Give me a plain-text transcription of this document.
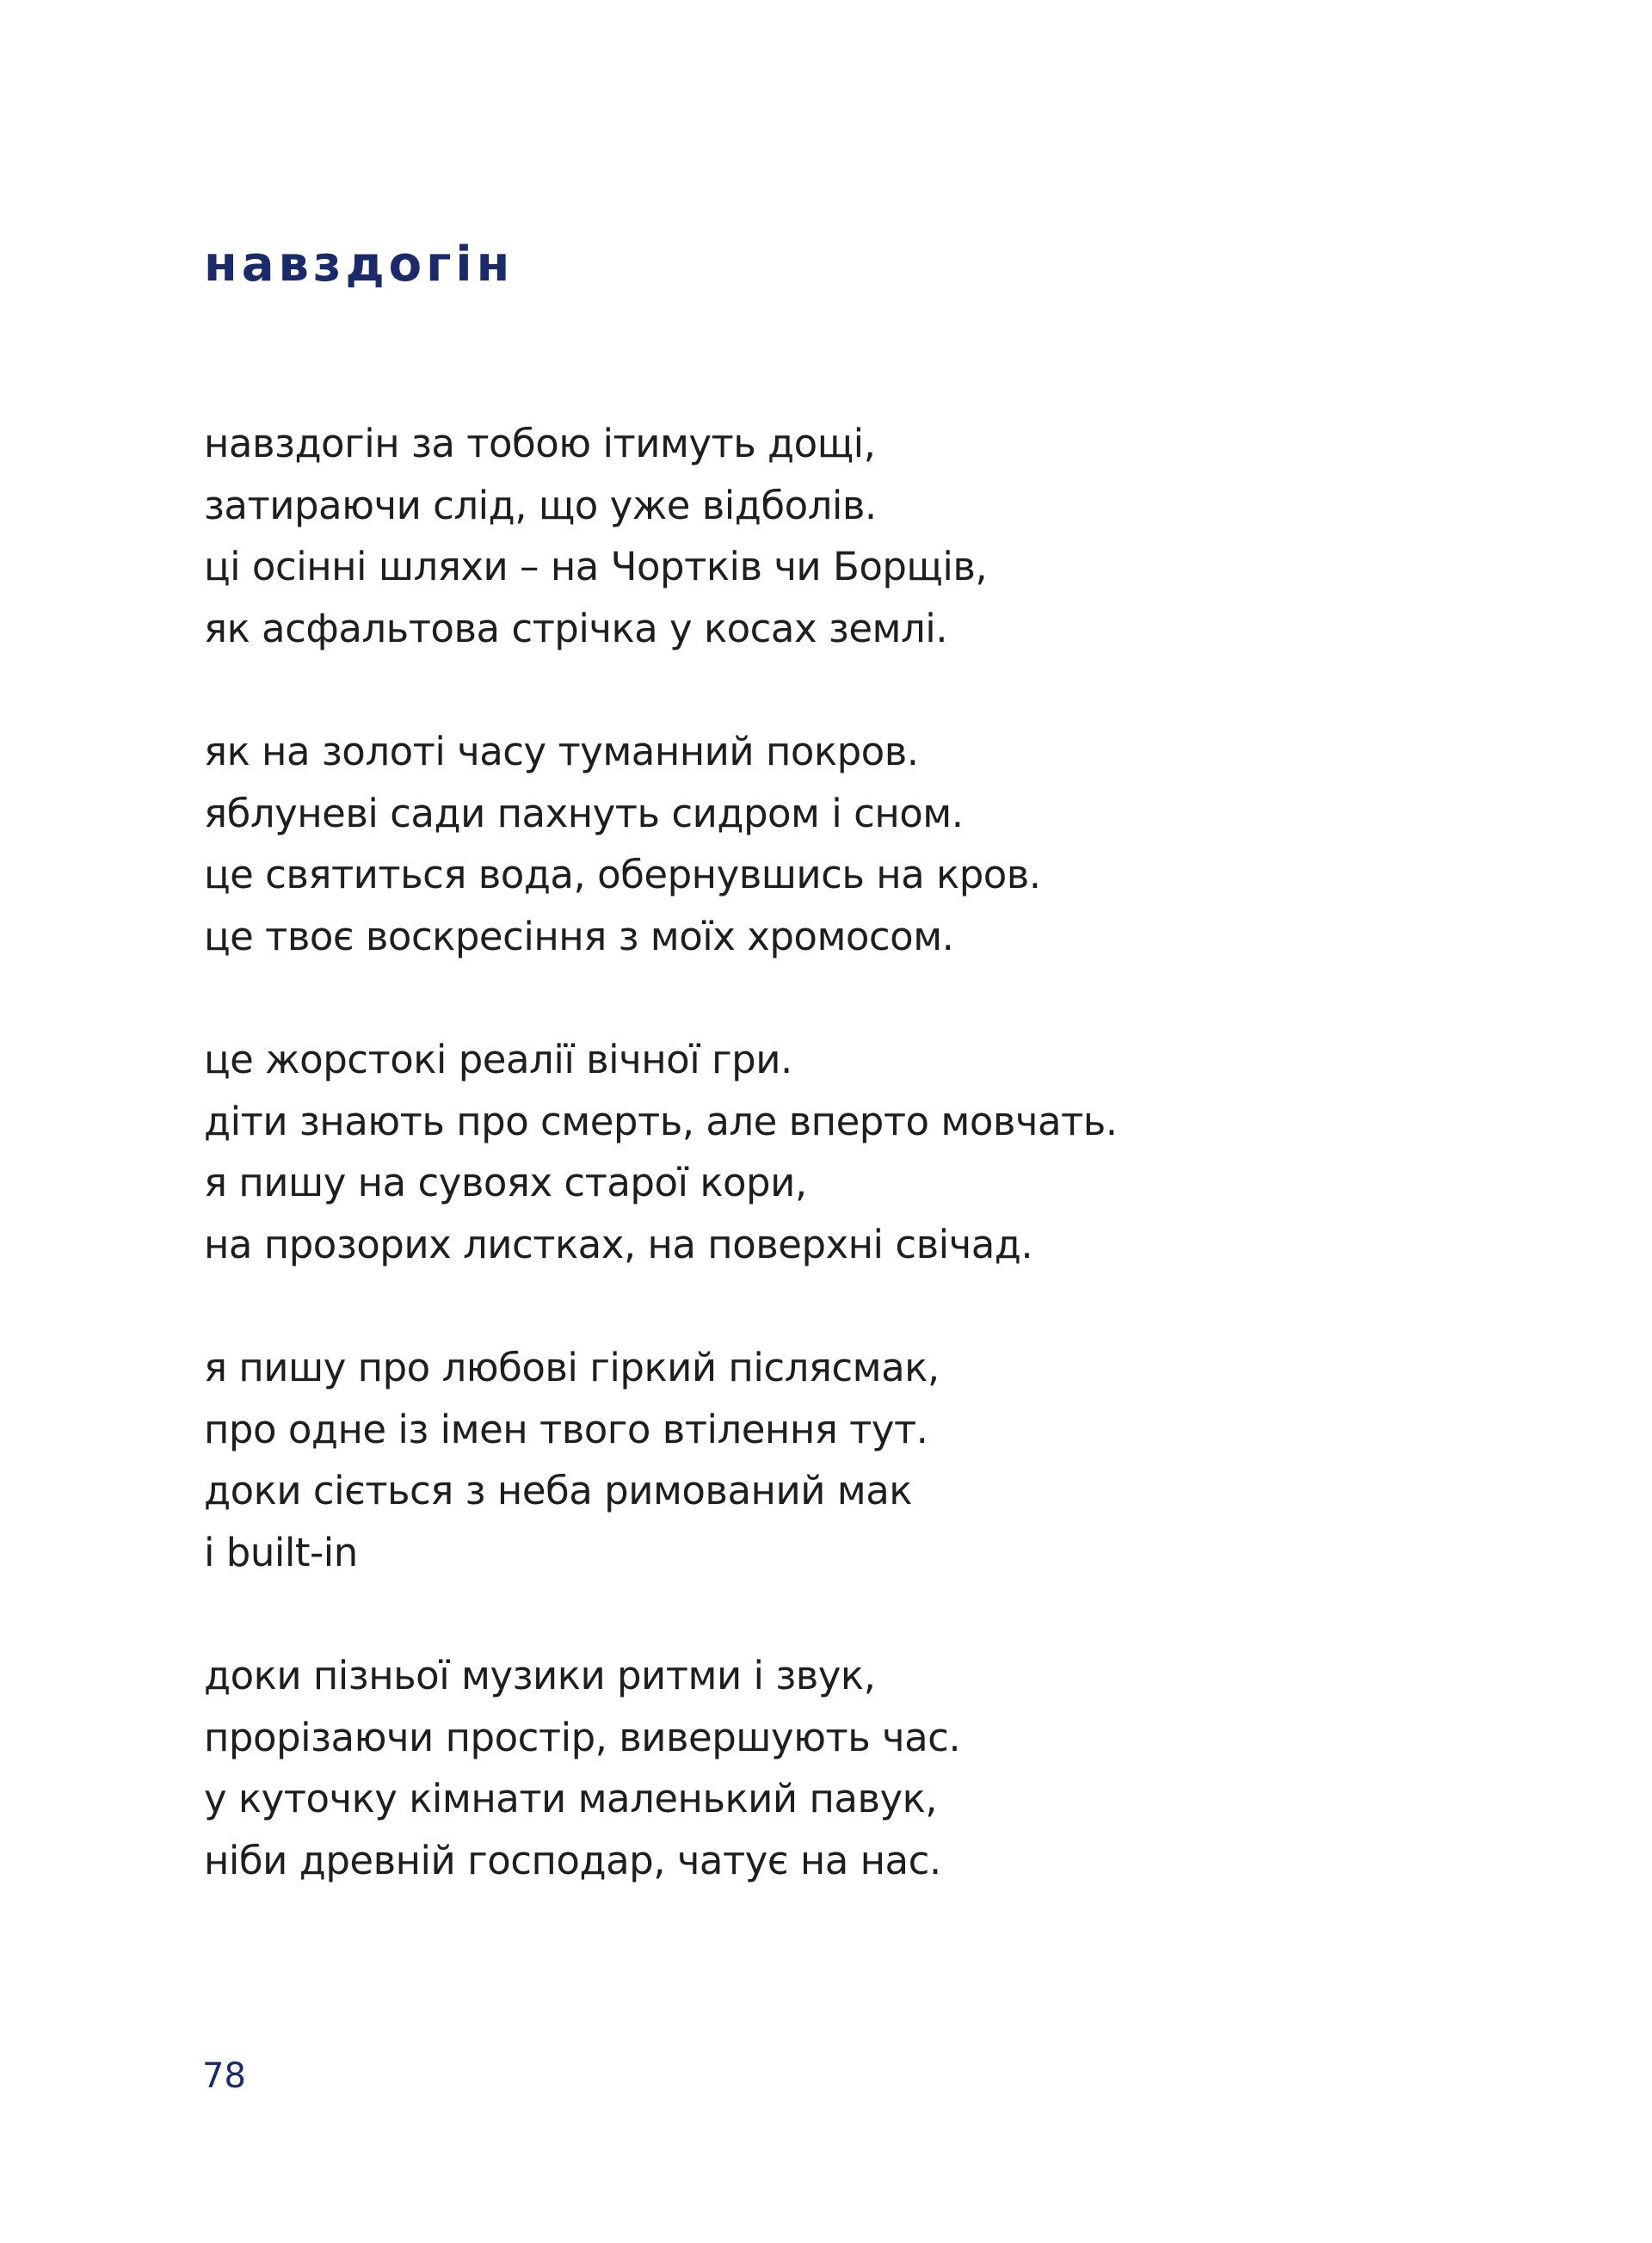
навздогін

навздогін за тобою ітимуть дощі,
затираючи слід, що уже відболів.
ці осінні шляхи – на Чортків чи Борщів,
як асфальтова стрічка у косах землі.

як на золоті часу туманний покров.
яблуневі сади пахнуть сидром і сном.
це святиться вода, обернувшись на кров.
це твоє воскресіння з моїх хромосом.

це жорстокі реалії вічної гри.
діти знають про смерть, але вперто мовчать.
я пишу на сувоях старої кори,
на прозорих листках, на поверхні свічад.

я пишу про любові гіркий післясмак,
про одне із імен твого втілення тут.
доки сіється з неба римований мак
і built-in

доки пізньої музики ритми і звук,
прорізаючи простір, вивершують час.
у куточку кімнати маленький павук,
ніби древній господар, чатує на нас.

78
